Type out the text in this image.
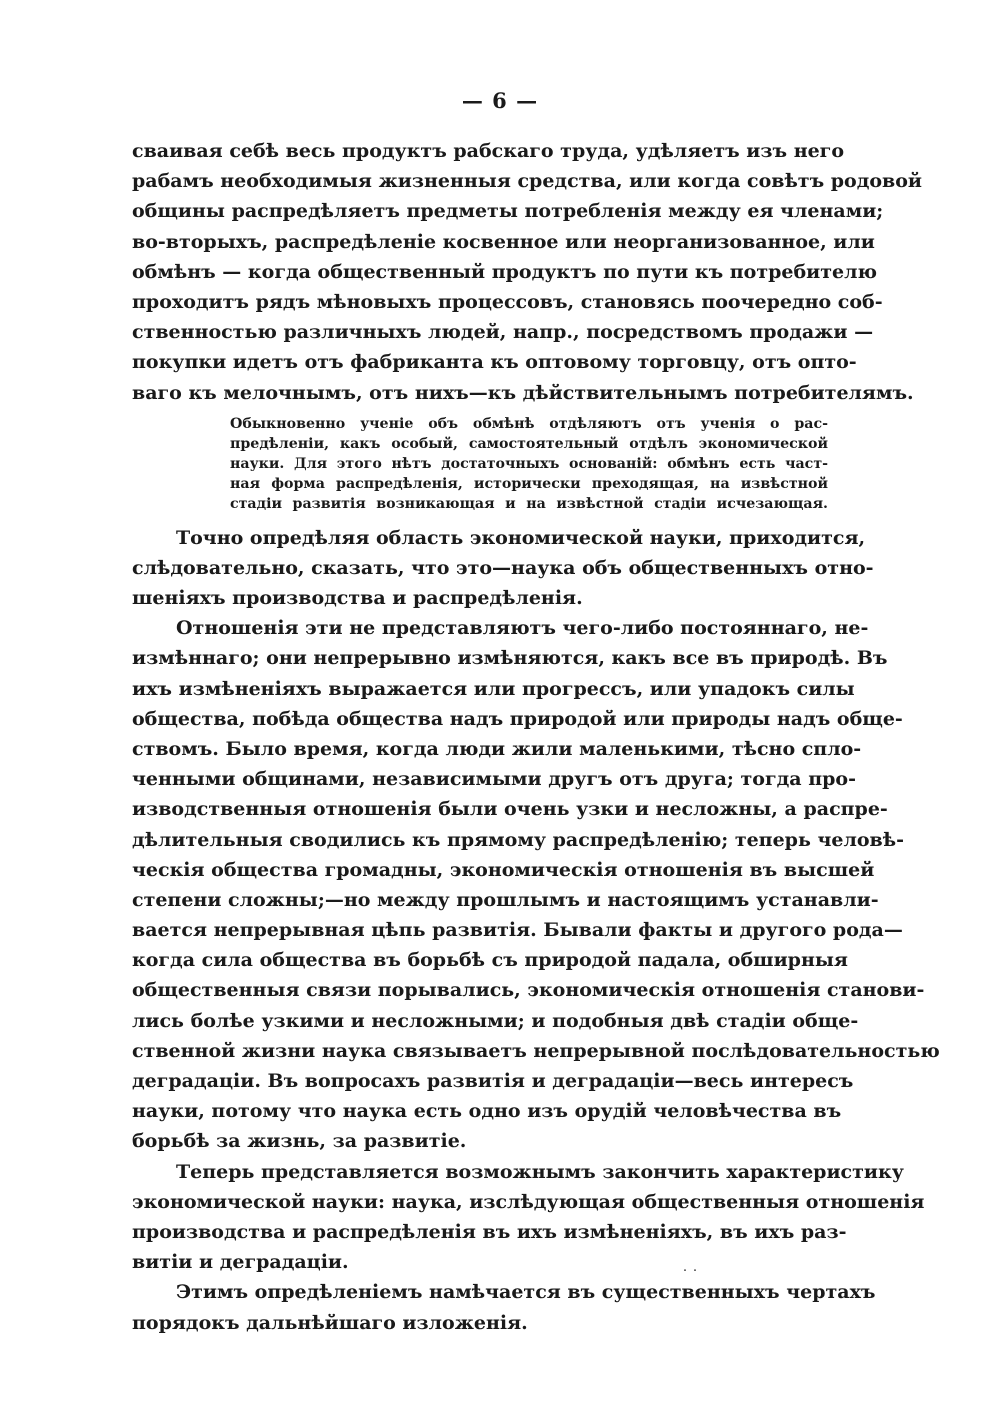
— 6 —
сваивая себѣ весь продуктъ рабскаго труда, удѣляетъ изъ него
рабамъ необходимыя жизненныя средства, или когда совѣтъ родовой
общины распредѣляетъ предметы потребленія между ея членами;
во-вторыхъ, распредѣленіе косвенное или неорганизованное, или
обмѣнъ — когда общественный продуктъ по пути къ потребителю
проходитъ рядъ мѣновыхъ процессовъ, становясь поочередно соб-
ственностью различныхъ людей, напр., посредствомъ продажи —
покупки идетъ отъ фабриканта къ оптовому торговцу, отъ опто-
ваго къ мелочнымъ, отъ нихъ—къ дѣйствительнымъ потребителямъ.
Обыкновенно ученіе объ обмѣнѣ отдѣляютъ отъ ученія о рас-
предѣленіи, какъ особый, самостоятельный отдѣлъ экономической
науки. Для этого нѣтъ достаточныхъ основаній: обмѣнъ есть част-
ная форма распредѣленія, исторически преходящая, на извѣстной
стадіи развитія возникающая и на извѣстной стадіи исчезающая.
Точно опредѣляя область экономической науки, приходится,
слѣдовательно, сказать, что это—наука объ общественныхъ отно-
шеніяхъ производства и распредѣленія.
Отношенія эти не представляютъ чего-либо постояннаго, не-
измѣннаго; они непрерывно измѣняются, какъ все въ природѣ. Въ
ихъ измѣненіяхъ выражается или прогрессъ, или упадокъ силы
общества, побѣда общества надъ природой или природы надъ обще-
ствомъ. Было время, когда люди жили маленькими, тѣсно спло-
ченными общинами, независимыми другъ отъ друга; тогда про-
изводственныя отношенія были очень узки и несложны, а распре-
дѣлительныя сводились къ прямому распредѣленію; теперь человѣ-
ческія общества громадны, экономическія отношенія въ высшей
степени сложны;—но между прошлымъ и настоящимъ устанавли-
вается непрерывная цѣпь развитія. Бывали факты и другого рода—
когда сила общества въ борьбѣ съ природой падала, обширныя
общественныя связи порывались, экономическія отношенія станови-
лись болѣе узкими и несложными; и подобныя двѣ стадіи обще-
ственной жизни наука связываетъ непрерывной послѣдовательностью
деградаціи. Въ вопросахъ развитія и деградаціи—весь интересъ
науки, потому что наука есть одно изъ орудій человѣчества въ
борьбѣ за жизнь, за развитіе.
Теперь представляется возможнымъ закончить характеристику
экономической науки: наука, изслѣдующая общественныя отношенія
производства и распредѣленія въ ихъ измѣненіяхъ, въ ихъ раз-
витіи и деградаціи.
Этимъ опредѣленіемъ намѣчается въ существенныхъ чертахъ
порядокъ дальнѣйшаго изложенія.
˙˙
